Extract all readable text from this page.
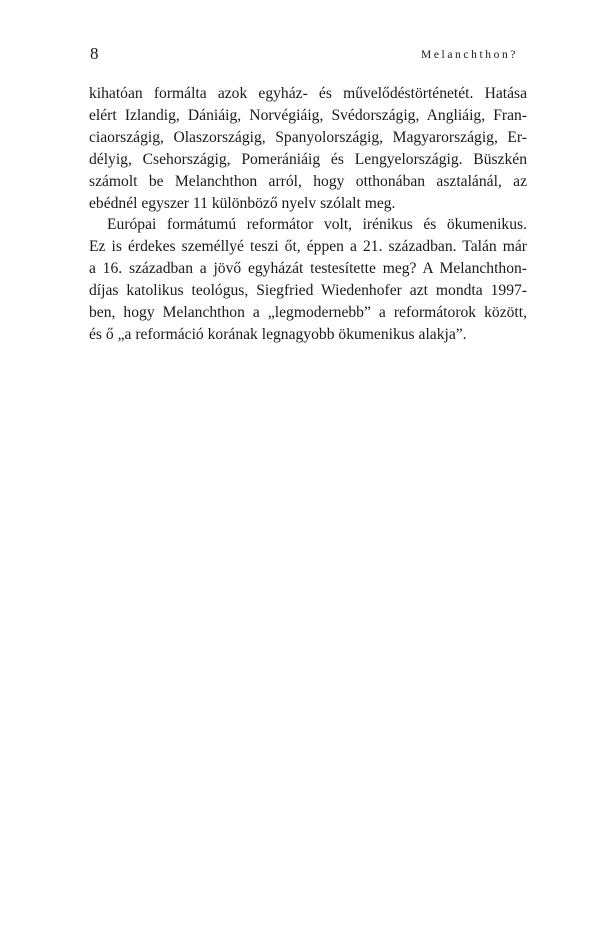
8	Melanchthon?

kihatóan formálta azok egyház- és művelődéstörténetét. Hatása
elért Izlandig, Dániáig, Norvégiáig, Svédországig, Angliáig, Fran-
ciaországig, Olaszországig, Spanyolországig, Magyarországig, Er-
délyig, Csehországig, Pomerániáig és Lengyelországig. Büszkén
számolt be Melanchthon arról, hogy otthonában asztalánál, az
ebédnél egyszer 11 különböző nyelv szólalt meg.

Európai formátumú reformátor volt, irénikus és ökumenikus.
Ez is érdekes személlyé teszi őt, éppen a 21. században. Talán már
a 16. században a jövő egyházát testesítette meg? A Melanchthon-
díjas katolikus teológus, Siegfried Wiedenhofer azt mondta 1997-
ben, hogy Melanchthon a „legmodernebb” a reformátorok között,
és ő „a reformáció korának legnagyobb ökumenikus alakja”.
